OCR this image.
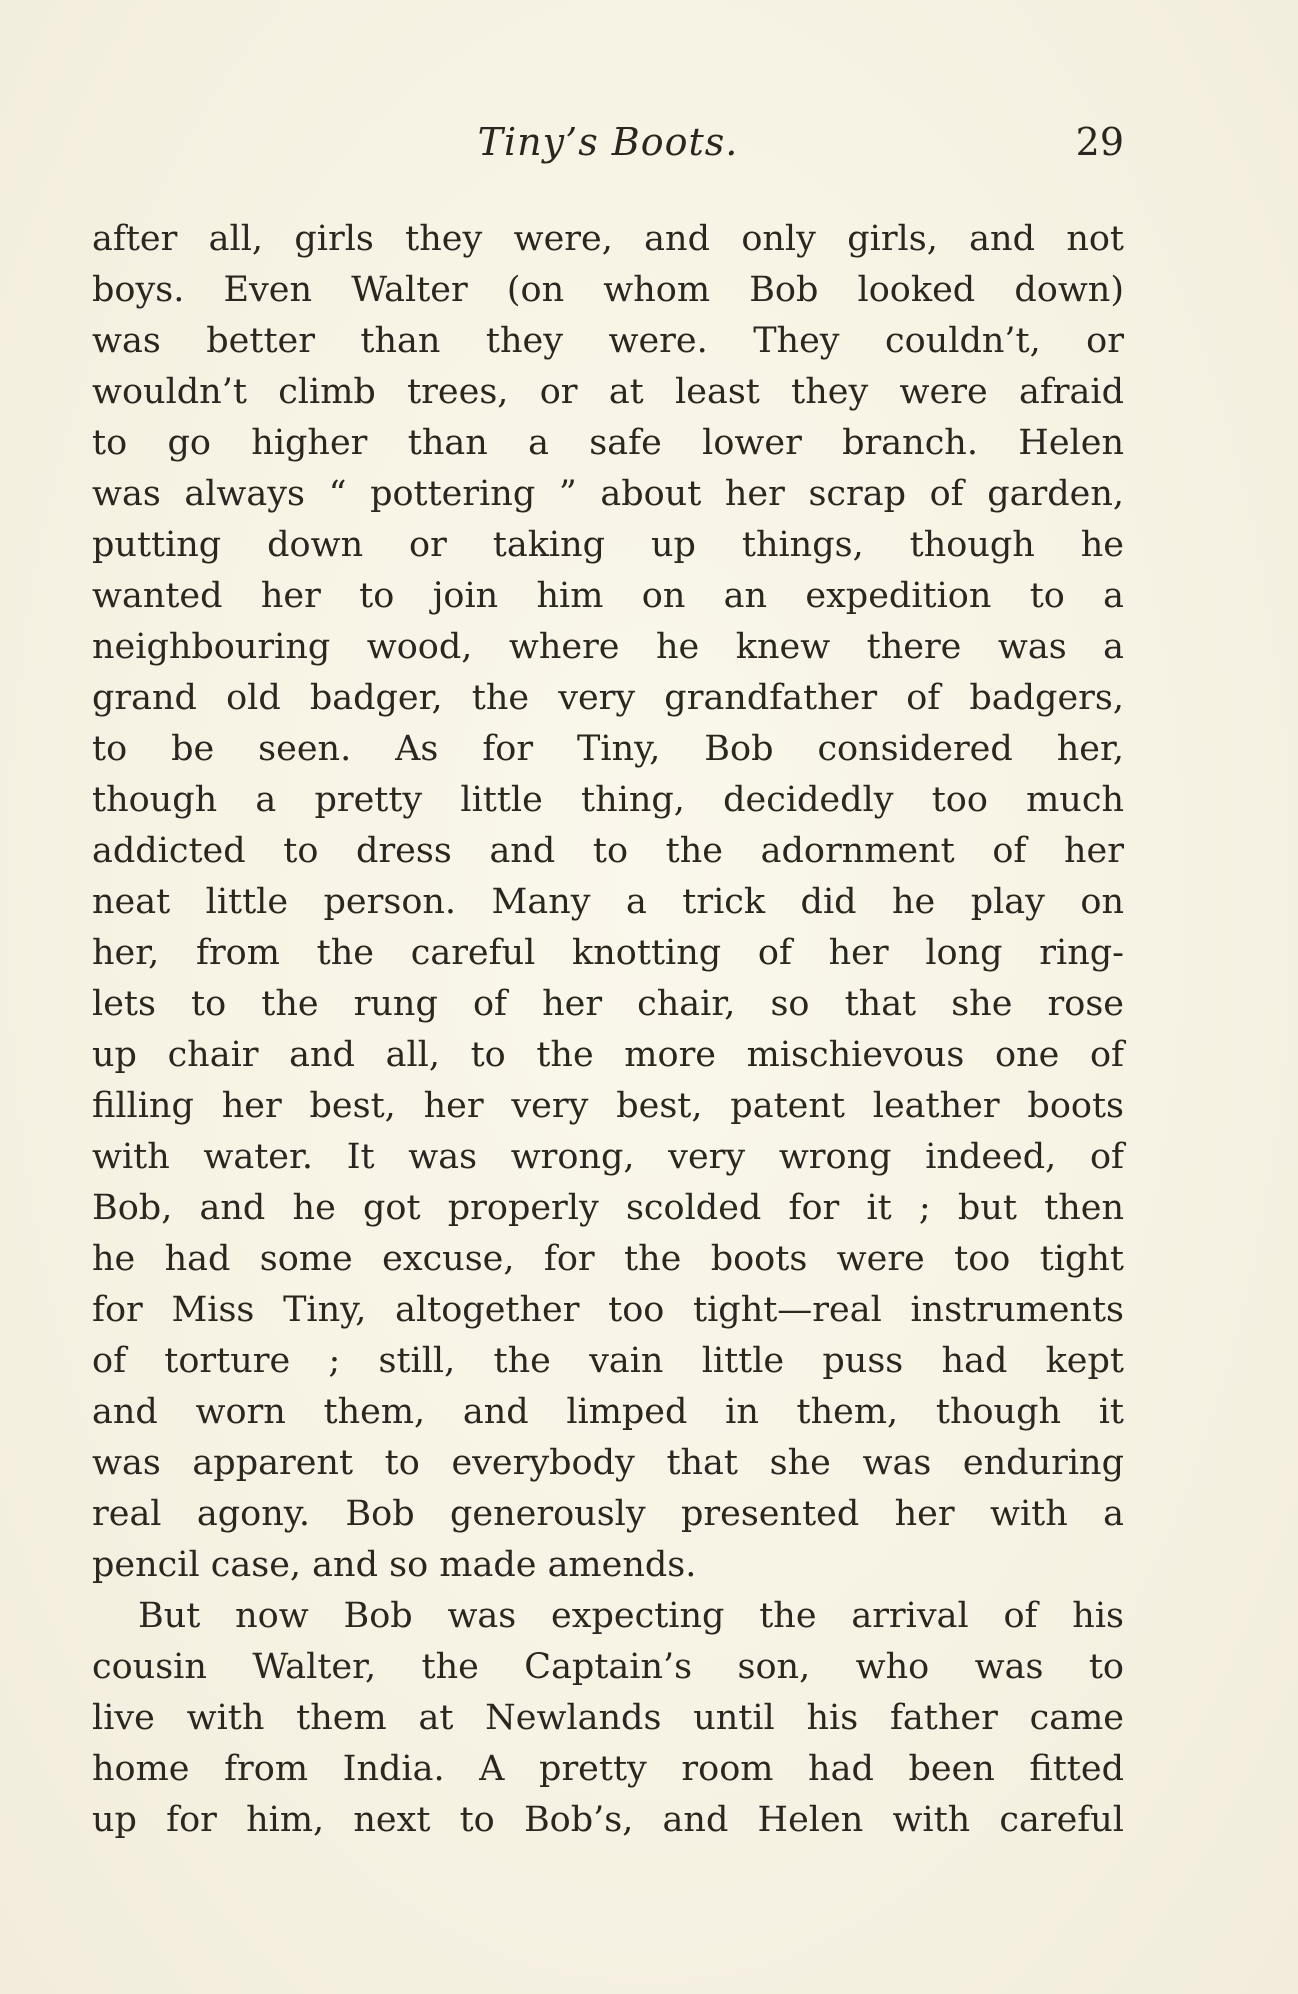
Tiny’s Boots.	29
after all, girls they were, and only girls, and not
boys. Even Walter (on whom Bob looked down)
was better than they were. They couldn’t, or
wouldn’t climb trees, or at least they were afraid
to go higher than a safe lower branch. Helen
was always “ pottering ” about her scrap of garden,
putting down or taking up things, though he
wanted her to join him on an expedition to a
neighbouring wood, where he knew there was a
grand old badger, the very grandfather of badgers,
to be seen. As for Tiny, Bob considered her,
though a pretty little thing, decidedly too much
addicted to dress and to the adornment of her
neat little person. Many a trick did he play on
her, from the careful knotting of her long ring-
lets to the rung of her chair, so that she rose
up chair and all, to the more mischievous one of
filling her best, her very best, patent leather boots
with water. It was wrong, very wrong indeed, of
Bob, and he got properly scolded for it ; but then
he had some excuse, for the boots were too tight
for Miss Tiny, altogether too tight—real instruments
of torture ; still, the vain little puss had kept
and worn them, and limped in them, though it
was apparent to everybody that she was enduring
real agony. Bob generously presented her with a
pencil case, and so made amends.
But now Bob was expecting the arrival of his
cousin Walter, the Captain’s son, who was to
live with them at Newlands until his father came
home from India. A pretty room had been fitted
up for him, next to Bob’s, and Helen with careful
